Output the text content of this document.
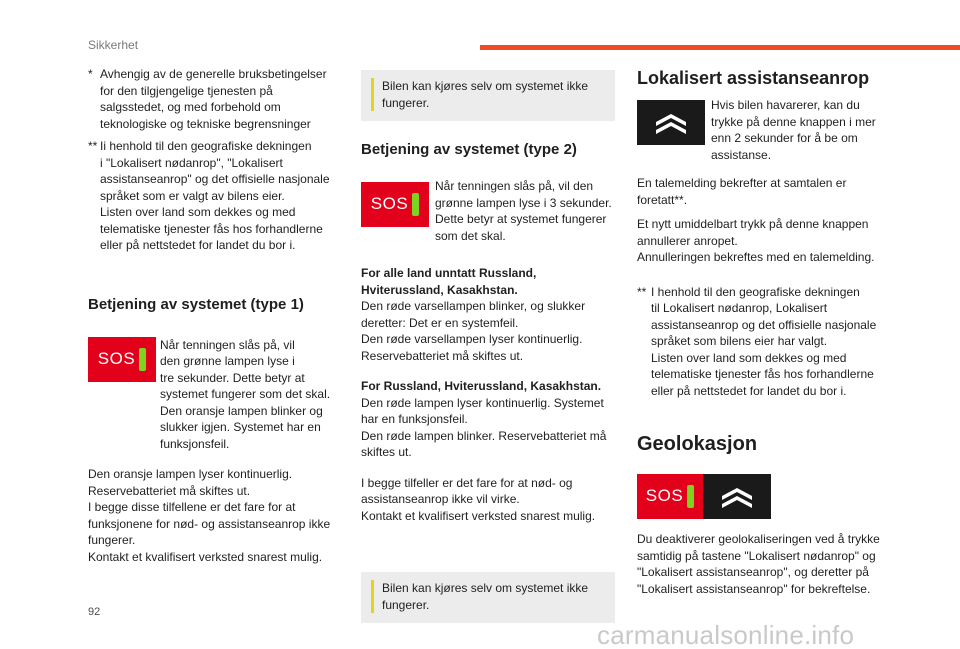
Sikkerhet
* Avhengig av de generelle bruksbetingelser
for den tilgjengelige tjenesten på
salgsstedet, og med forbehold om
teknologiske og tekniske begrensninger
** Ii henhold til den geografiske dekningen
i "Lokalisert nødanrop", "Lokalisert
assistanseanrop" og det offisielle nasjonale
språket som er valgt av bilens eier.
Listen over land som dekkes og med
telematiske tjenester fås hos forhandlerne
eller på nettstedet for landet du bor i.
Betjening av systemet (type 1)
SOS
Når tenningen slås på, vil
den grønne lampen lyse i
tre sekunder. Dette betyr at
systemet fungerer som det skal.
Den oransje lampen blinker og
slukker igjen. Systemet har en
funksjonsfeil.
Den oransje lampen lyser kontinuerlig.
Reservebatteriet må skiftes ut.
I begge disse tilfellene er det fare for at
funksjonene for nød- og assistanseanrop ikke
fungerer.
Kontakt et kvalifisert verksted snarest mulig.
Bilen kan kjøres selv om systemet ikke
fungerer.
Betjening av systemet (type 2)
SOS
Når tenningen slås på, vil den
grønne lampen lyse i 3 sekunder.
Dette betyr at systemet fungerer
som det skal.
For alle land unntatt Russland,
Hviterussland, Kasakhstan.
Den røde varsellampen blinker, og slukker
deretter: Det er en systemfeil.
Den røde varsellampen lyser kontinuerlig.
Reservebatteriet må skiftes ut.
For Russland, Hviterussland, Kasakhstan.
Den røde lampen lyser kontinuerlig. Systemet
har en funksjonsfeil.
Den røde lampen blinker. Reservebatteriet må
skiftes ut.
I begge tilfeller er det fare for at nød- og
assistanseanrop ikke vil virke.
Kontakt et kvalifisert verksted snarest mulig.
Bilen kan kjøres selv om systemet ikke
fungerer.
Lokalisert assistanseanrop
Hvis bilen havarerer, kan du
trykke på denne knappen i mer
enn 2 sekunder for å be om
assistanse.
En talemelding bekrefter at samtalen er
foretatt**.
Et nytt umiddelbart trykk på denne knappen
annullerer anropet.
Annulleringen bekreftes med en talemelding.
** I henhold til den geografiske dekningen
til Lokalisert nødanrop, Lokalisert
assistanseanrop og det offisielle nasjonale
språket som bilens eier har valgt.
Listen over land som dekkes og med
telematiske tjenester fås hos forhandlerne
eller på nettstedet for landet du bor i.
Geolokasjon
SOS
Du deaktiverer geolokaliseringen ved å trykke
samtidig på tastene "Lokalisert nødanrop" og
"Lokalisert assistanseanrop", og deretter på
"Lokalisert assistanseanrop" for bekreftelse.
92
carmanualsonline.info
